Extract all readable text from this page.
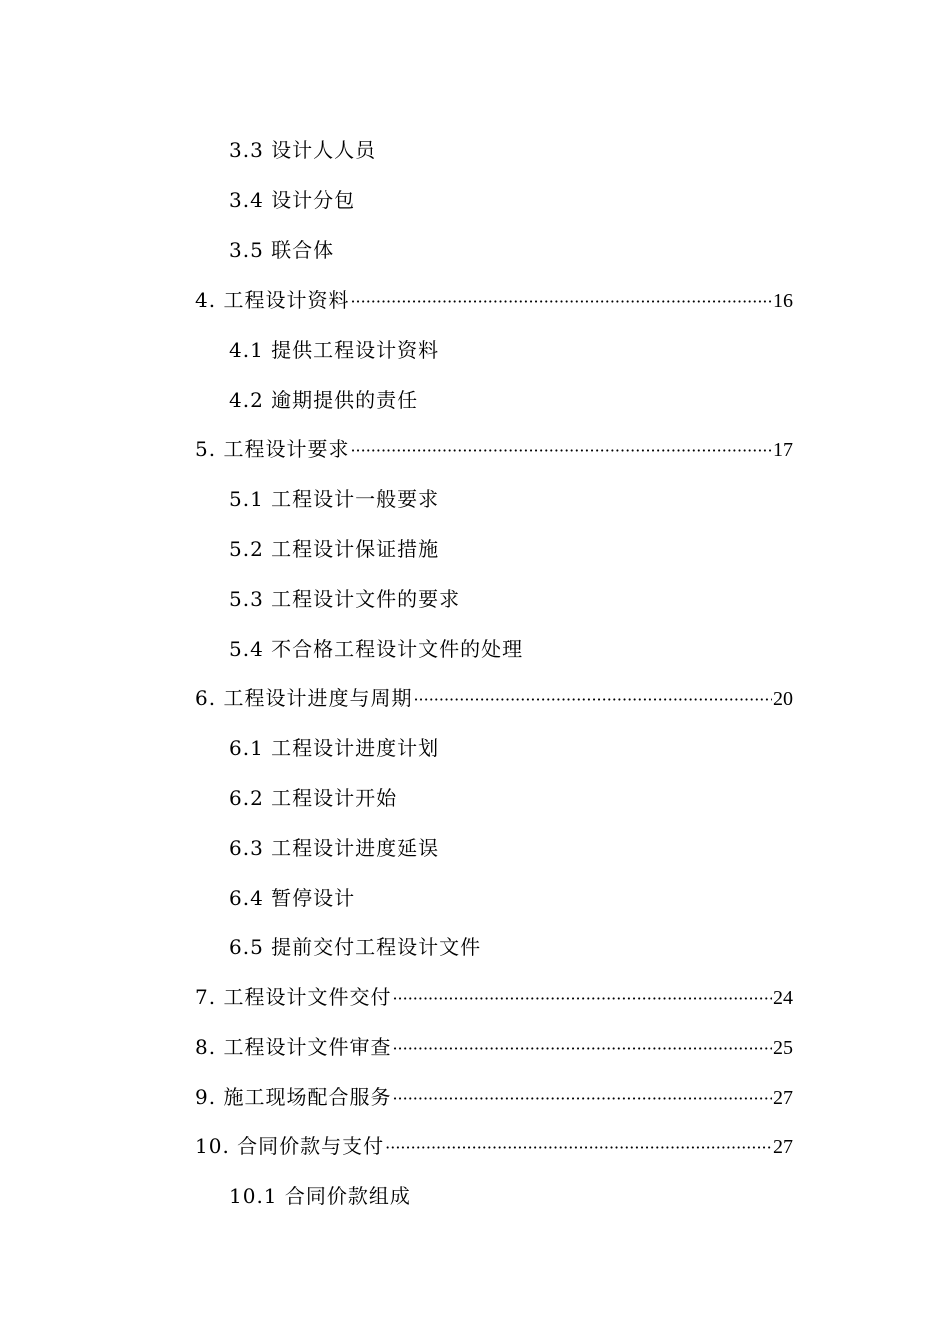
3.3 设计人人员
3.4 设计分包
3.5 联合体
4. 工程设计资料 ·····	16
4.1 提供工程设计资料
4.2 逾期提供的责任
5. 工程设计要求 ·····	17
5.1 工程设计一般要求
5.2 工程设计保证措施
5.3 工程设计文件的要求
5.4 不合格工程设计文件的处理
6. 工程设计进度与周期 ·····	20
6.1 工程设计进度计划
6.2 工程设计开始
6.3 工程设计进度延误
6.4 暂停设计
6.5 提前交付工程设计文件
7. 工程设计文件交付 ·····	24
8. 工程设计文件审查 ·····	25
9. 施工现场配合服务 ·····	27
10. 合同价款与支付 ·····	27
10.1 合同价款组成
